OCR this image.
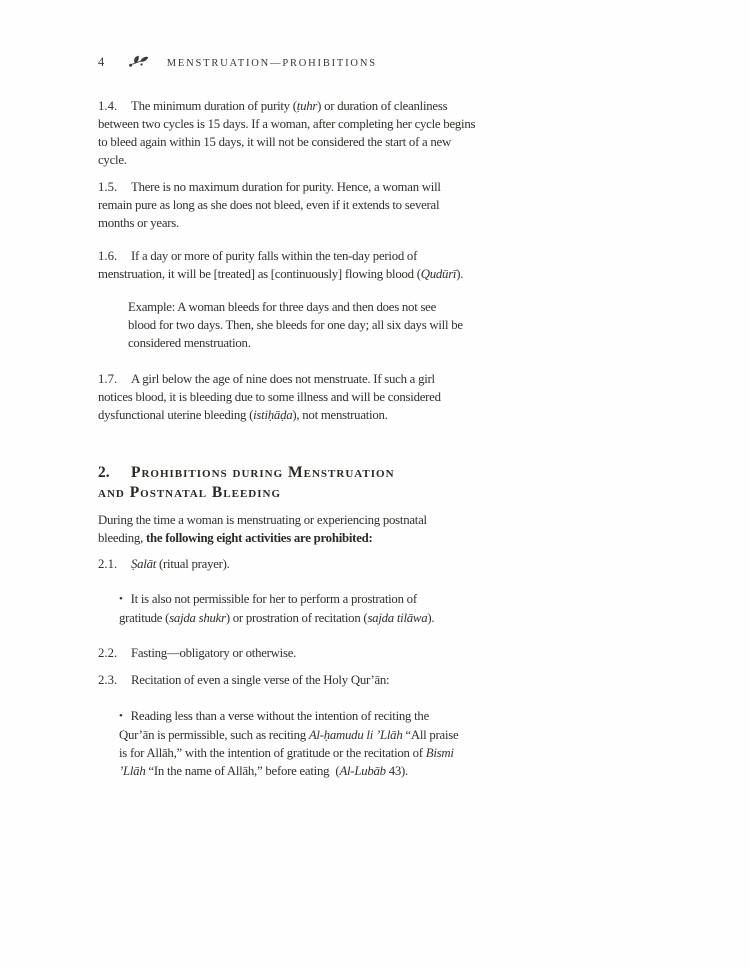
4	MENSTRUATION—PROHIBITIONS
1.4. The minimum duration of purity (ṭuhr) or duration of cleanliness
between two cycles is 15 days. If a woman, after completing her cycle begins
to bleed again within 15 days, it will not be considered the start of a new
cycle.
1.5. There is no maximum duration for purity. Hence, a woman will
remain pure as long as she does not bleed, even if it extends to several
months or years.
1.6. If a day or more of purity falls within the ten-day period of
menstruation, it will be [treated] as [continuously] flowing blood (Qudūrī).
Example: A woman bleeds for three days and then does not see
blood for two days. Then, she bleeds for one day; all six days will be
considered menstruation.
1.7. A girl below the age of nine does not menstruate. If such a girl
notices blood, it is bleeding due to some illness and will be considered
dysfunctional uterine bleeding (istiḥāḍa), not menstruation.
2. Prohibitions during Menstruation
and Postnatal Bleeding
During the time a woman is menstruating or experiencing postnatal
bleeding, the following eight activities are prohibited:
2.1. Ṣalāt (ritual prayer).
• It is also not permissible for her to perform a prostration of
gratitude (sajda shukr) or prostration of recitation (sajda tilāwa).
2.2. Fasting—obligatory or otherwise.
2.3. Recitation of even a single verse of the Holy Qur’ān:
• Reading less than a verse without the intention of reciting the
Qur’ān is permissible, such as reciting Al-ḥamudu li ’Llāh “All praise
is for Allāh,” with the intention of gratitude or the recitation of Bismi
’Llāh “In the name of Allāh,” before eating (Al-Lubāb 43).
